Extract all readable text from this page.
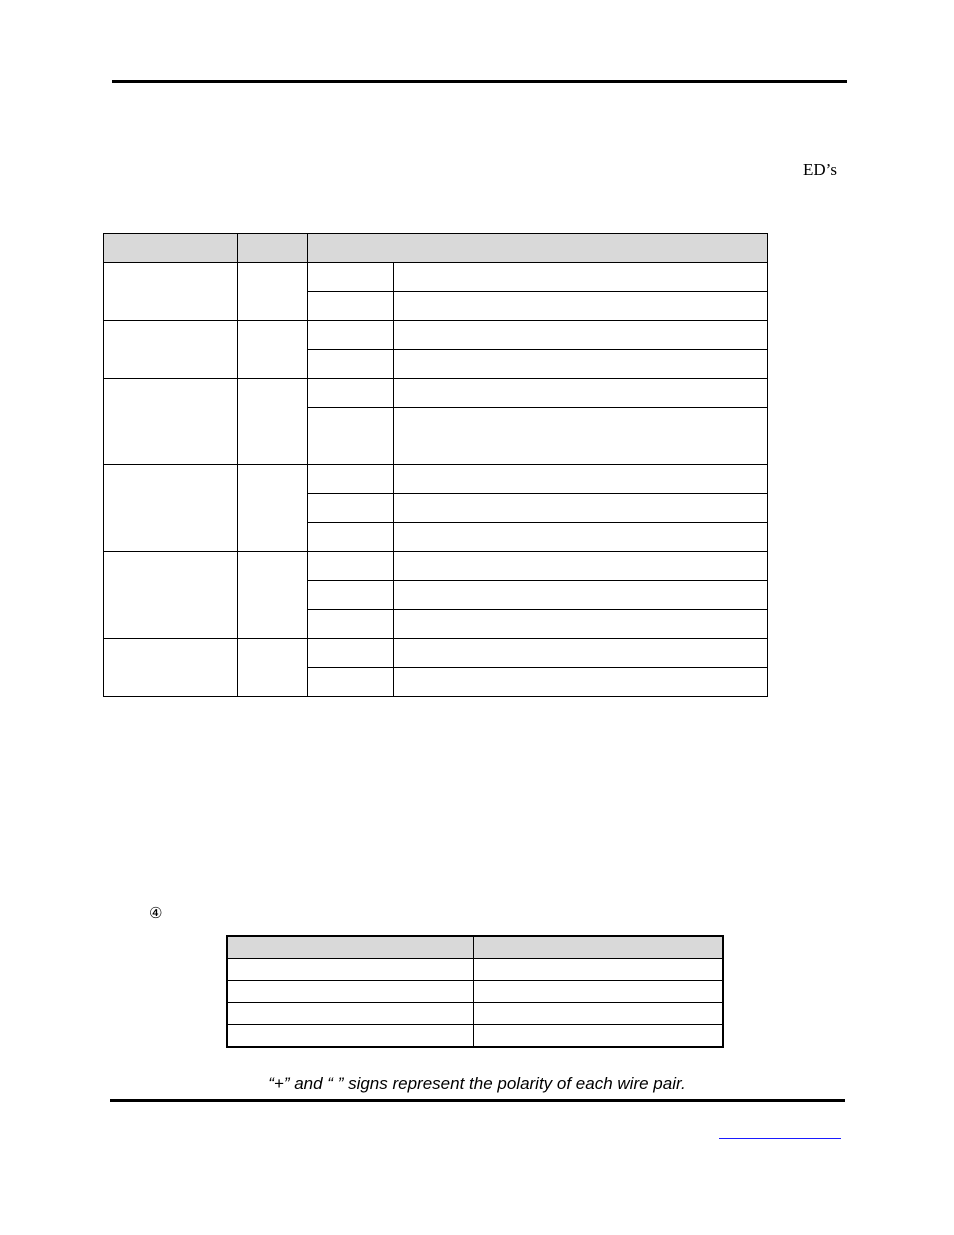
ED’s

④

“+” and “ ” signs represent the polarity of each wire pair.
